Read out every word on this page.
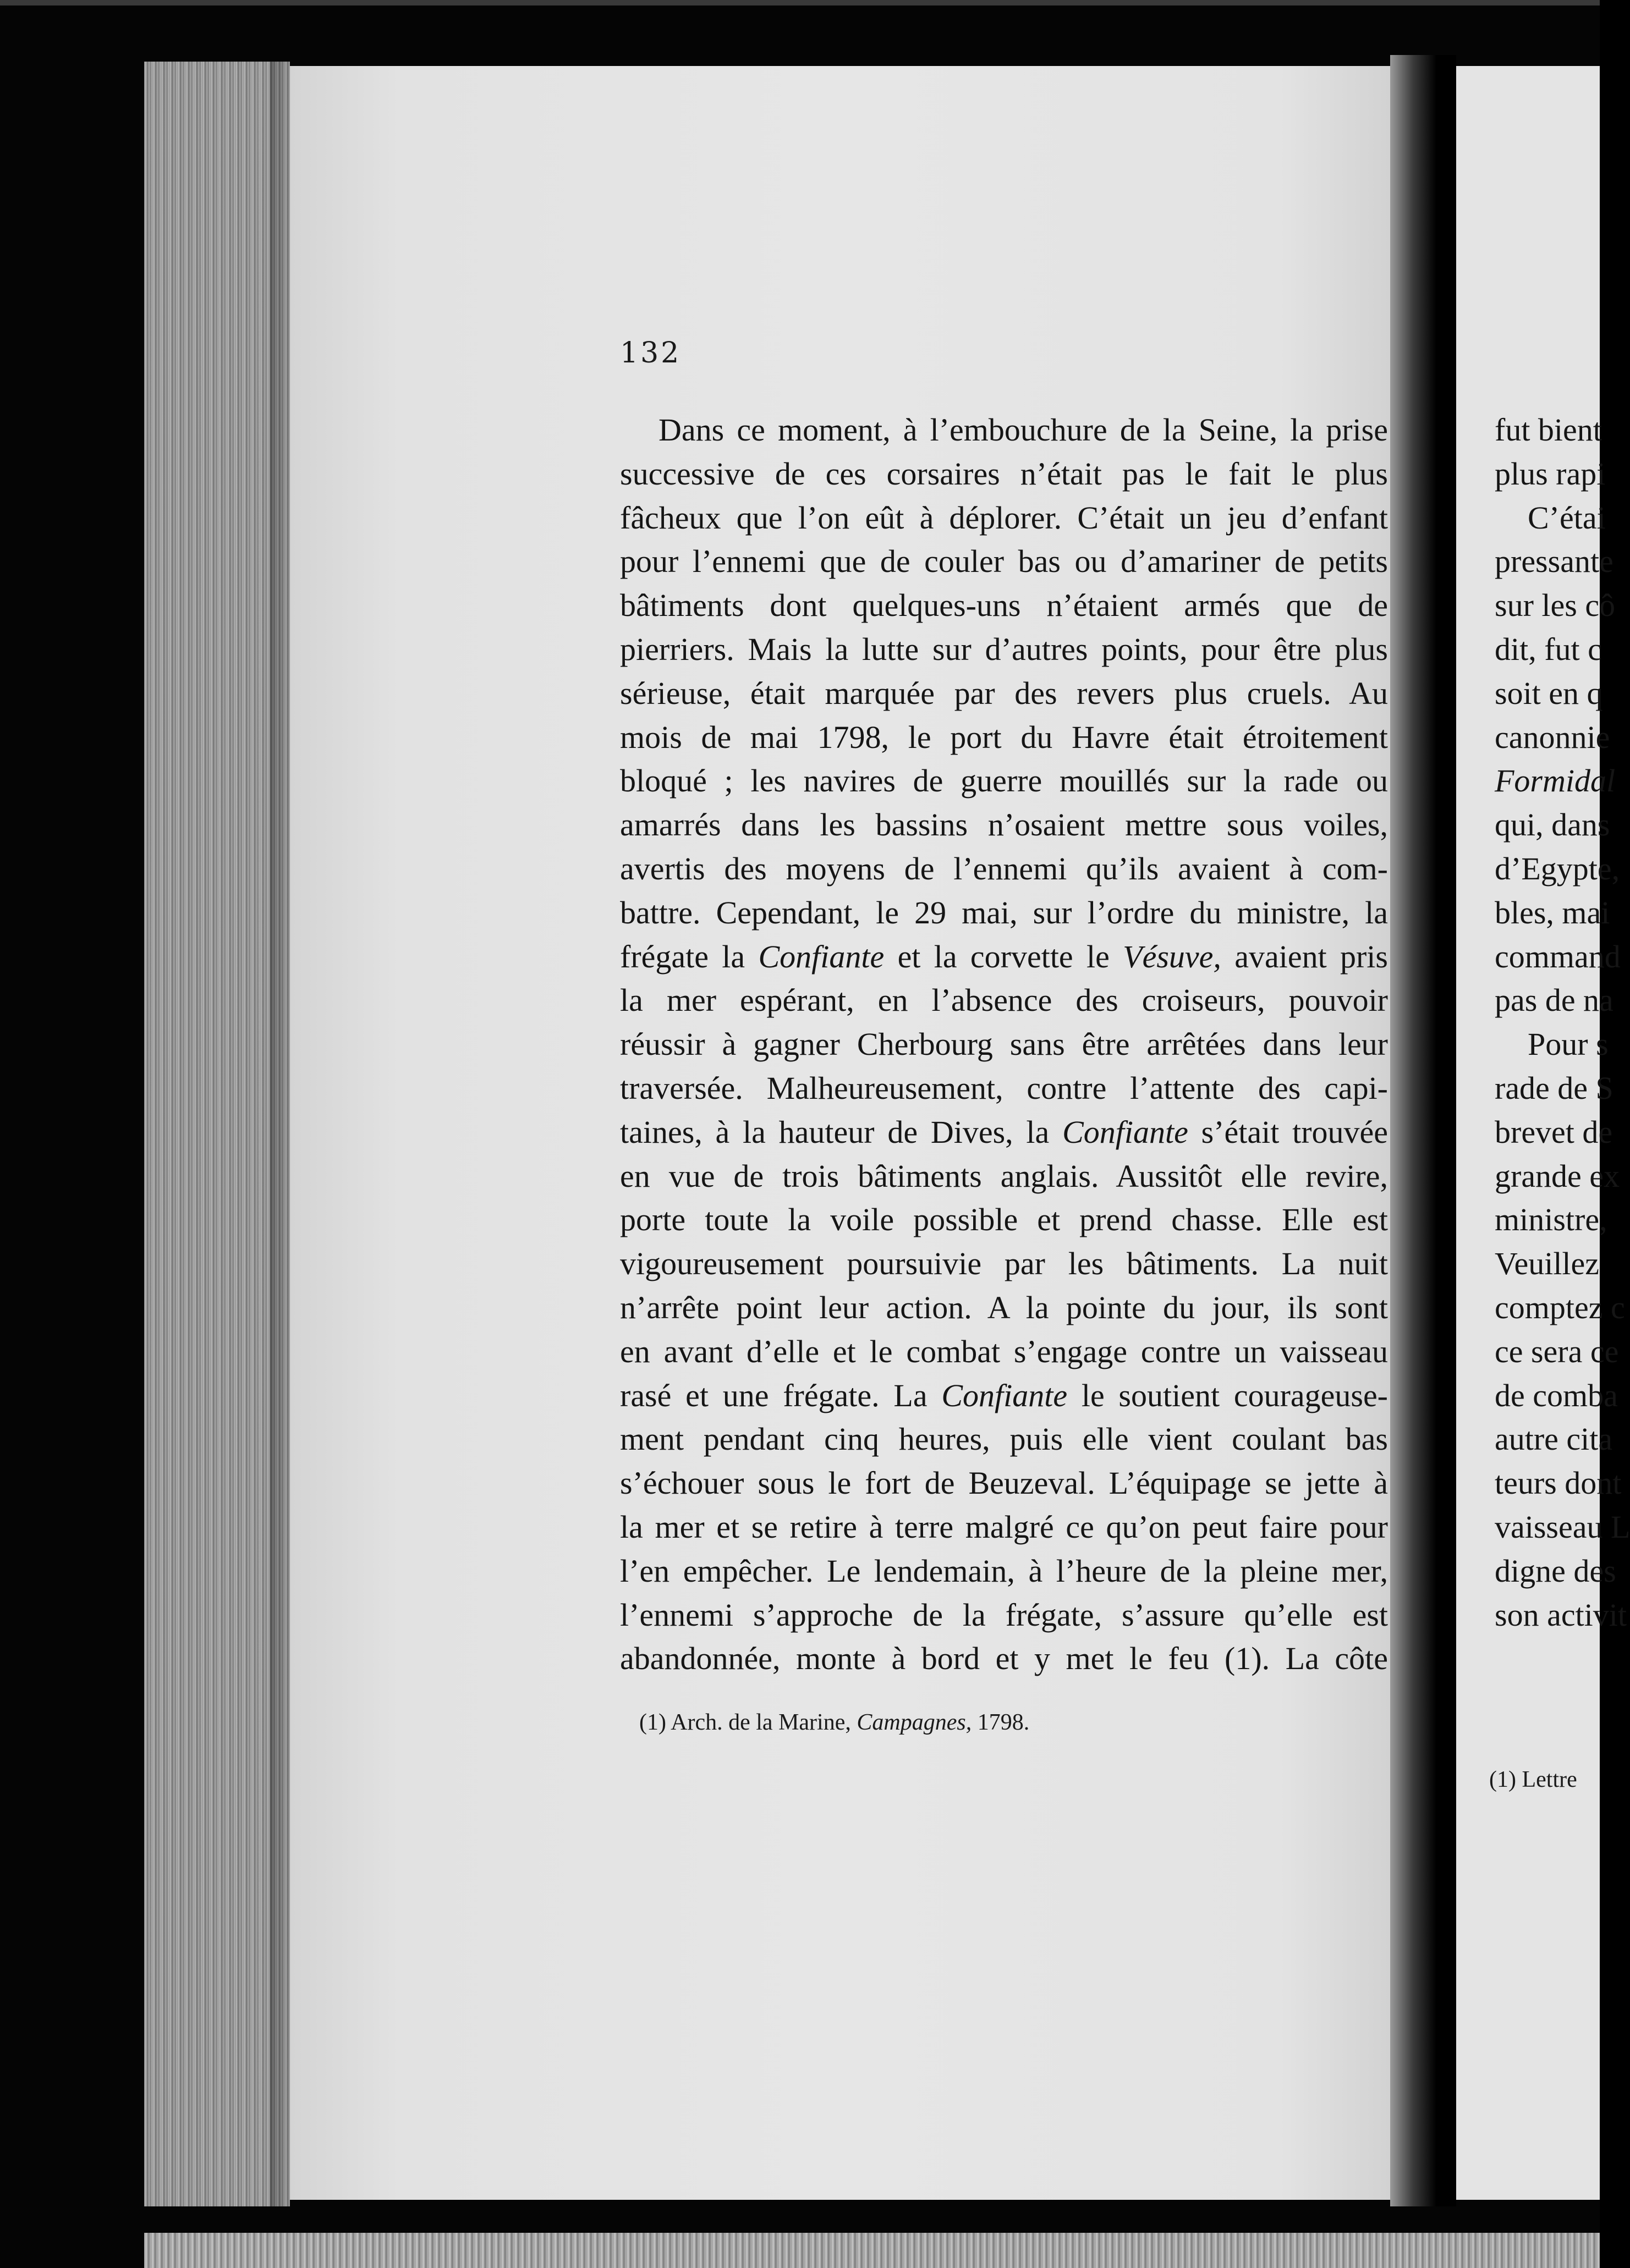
fut bient
plus rapi
C’étai
pressante
sur les cô
dit, fut c
soit en q
canonnie
Formidal
qui, dans
d’Egypte,
bles, mai
command
pas de na
Pour s
rade de S
brevet de
grande ex
ministre,
Veuillez
comptez c
ce sera ce
de comba
autre cita
teurs dont
vaisseau L
digne des
son activit
(1) Lettre
132
Dans ce moment, à l’embouchure de la Seine, la prise
successive de ces corsaires n’était pas le fait le plus
fâcheux que l’on eût à déplorer. C’était un jeu d’enfant
pour l’ennemi que de couler bas ou d’amariner de petits
bâtiments dont quelques-uns n’étaient armés que de
pierriers. Mais la lutte sur d’autres points, pour être plus
sérieuse, était marquée par des revers plus cruels. Au
mois de mai 1798, le port du Havre était étroitement
bloqué ; les navires de guerre mouillés sur la rade ou
amarrés dans les bassins n’osaient mettre sous voiles,
avertis des moyens de l’ennemi qu’ils avaient à com-
battre. Cependant, le 29 mai, sur l’ordre du ministre, la
frégate la Confiante et la corvette le Vésuve, avaient pris
la mer espérant, en l’absence des croiseurs, pouvoir
réussir à gagner Cherbourg sans être arrêtées dans leur
traversée. Malheureusement, contre l’attente des capi-
taines, à la hauteur de Dives, la Confiante s’était trouvée
en vue de trois bâtiments anglais. Aussitôt elle revire,
porte toute la voile possible et prend chasse. Elle est
vigoureusement poursuivie par les bâtiments. La nuit
n’arrête point leur action. A la pointe du jour, ils sont
en avant d’elle et le combat s’engage contre un vaisseau
rasé et une frégate. La Confiante le soutient courageuse-
ment pendant cinq heures, puis elle vient coulant bas
s’échouer sous le fort de Beuzeval. L’équipage se jette à
la mer et se retire à terre malgré ce qu’on peut faire pour
l’en empêcher. Le lendemain, à l’heure de la pleine mer,
l’ennemi s’approche de la frégate, s’assure qu’elle est
abandonnée, monte à bord et y met le feu (1). La côte
(1) Arch. de la Marine, Campagnes, 1798.
